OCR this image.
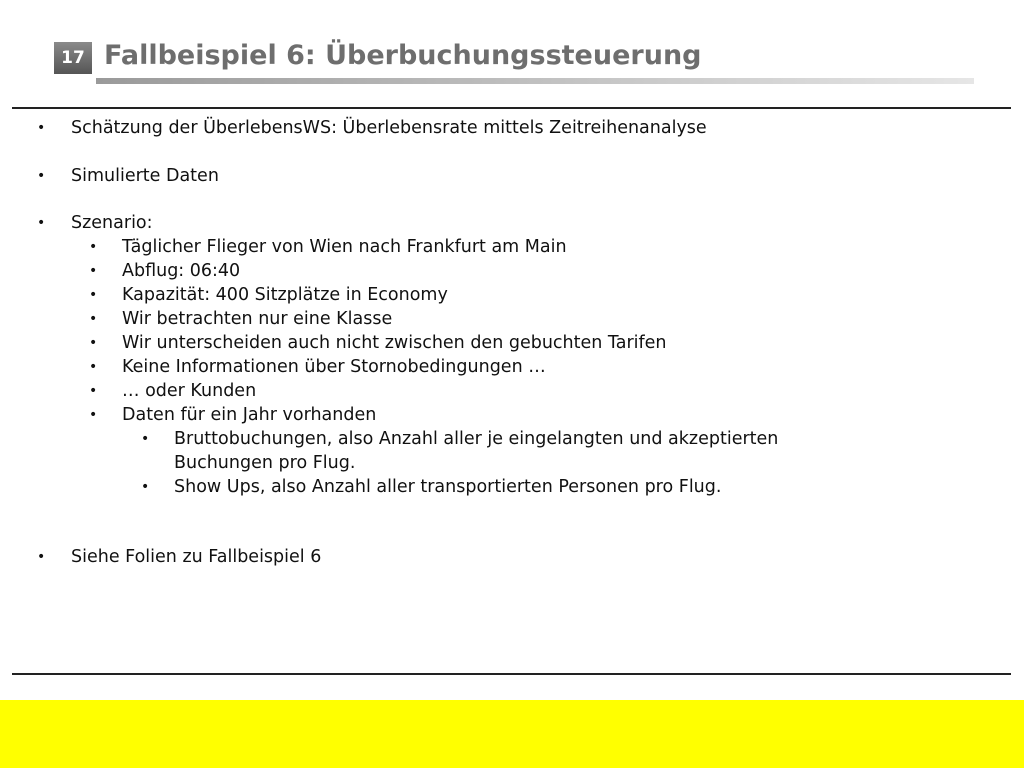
17 Fallbeispiel 6: Überbuchungssteuerung
• Schätzung der ÜberlebensWS: Überlebensrate mittels Zeitreihenanalyse
• Simulierte Daten
• Szenario:
• Täglicher Flieger von Wien nach Frankfurt am Main
• Abflug: 06:40
• Kapazität: 400 Sitzplätze in Economy
• Wir betrachten nur eine Klasse
• Wir unterscheiden auch nicht zwischen den gebuchten Tarifen
• Keine Informationen über Stornobedingungen …
• … oder Kunden
• Daten für ein Jahr vorhanden
• Bruttobuchungen, also Anzahl aller je eingelangten und akzeptierten
Buchungen pro Flug.
• Show Ups, also Anzahl aller transportierten Personen pro Flug.
• Siehe Folien zu Fallbeispiel 6
